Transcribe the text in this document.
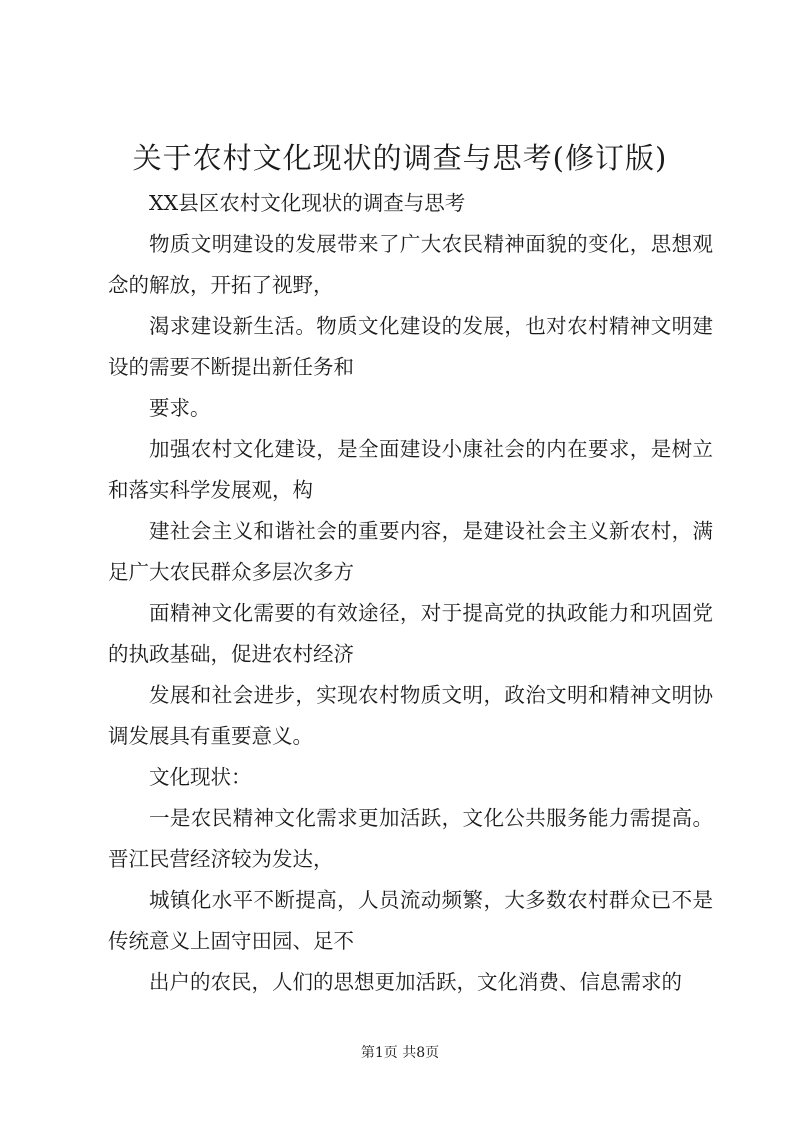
关于农村文化现状的调查与思考(修订版)

XX县区农村文化现状的调查与思考

物质文明建设的发展带来了广大农民精神面貌的变化，思想观念的解放，开拓了视野，

渴求建设新生活。物质文化建设的发展，也对农村精神文明建设的需要不断提出新任务和

要求。

加强农村文化建设，是全面建设小康社会的内在要求，是树立和落实科学发展观，构

建社会主义和谐社会的重要内容，是建设社会主义新农村，满足广大农民群众多层次多方

面精神文化需要的有效途径，对于提高党的执政能力和巩固党的执政基础，促进农村经济

发展和社会进步，实现农村物质文明，政治文明和精神文明协调发展具有重要意义。

文化现状：

一是农民精神文化需求更加活跃，文化公共服务能力需提高。晋江民营经济较为发达，

城镇化水平不断提高，人员流动频繁，大多数农村群众已不是传统意义上固守田园、足不

出户的农民，人们的思想更加活跃，文化消费、信息需求的

第1页 共8页
